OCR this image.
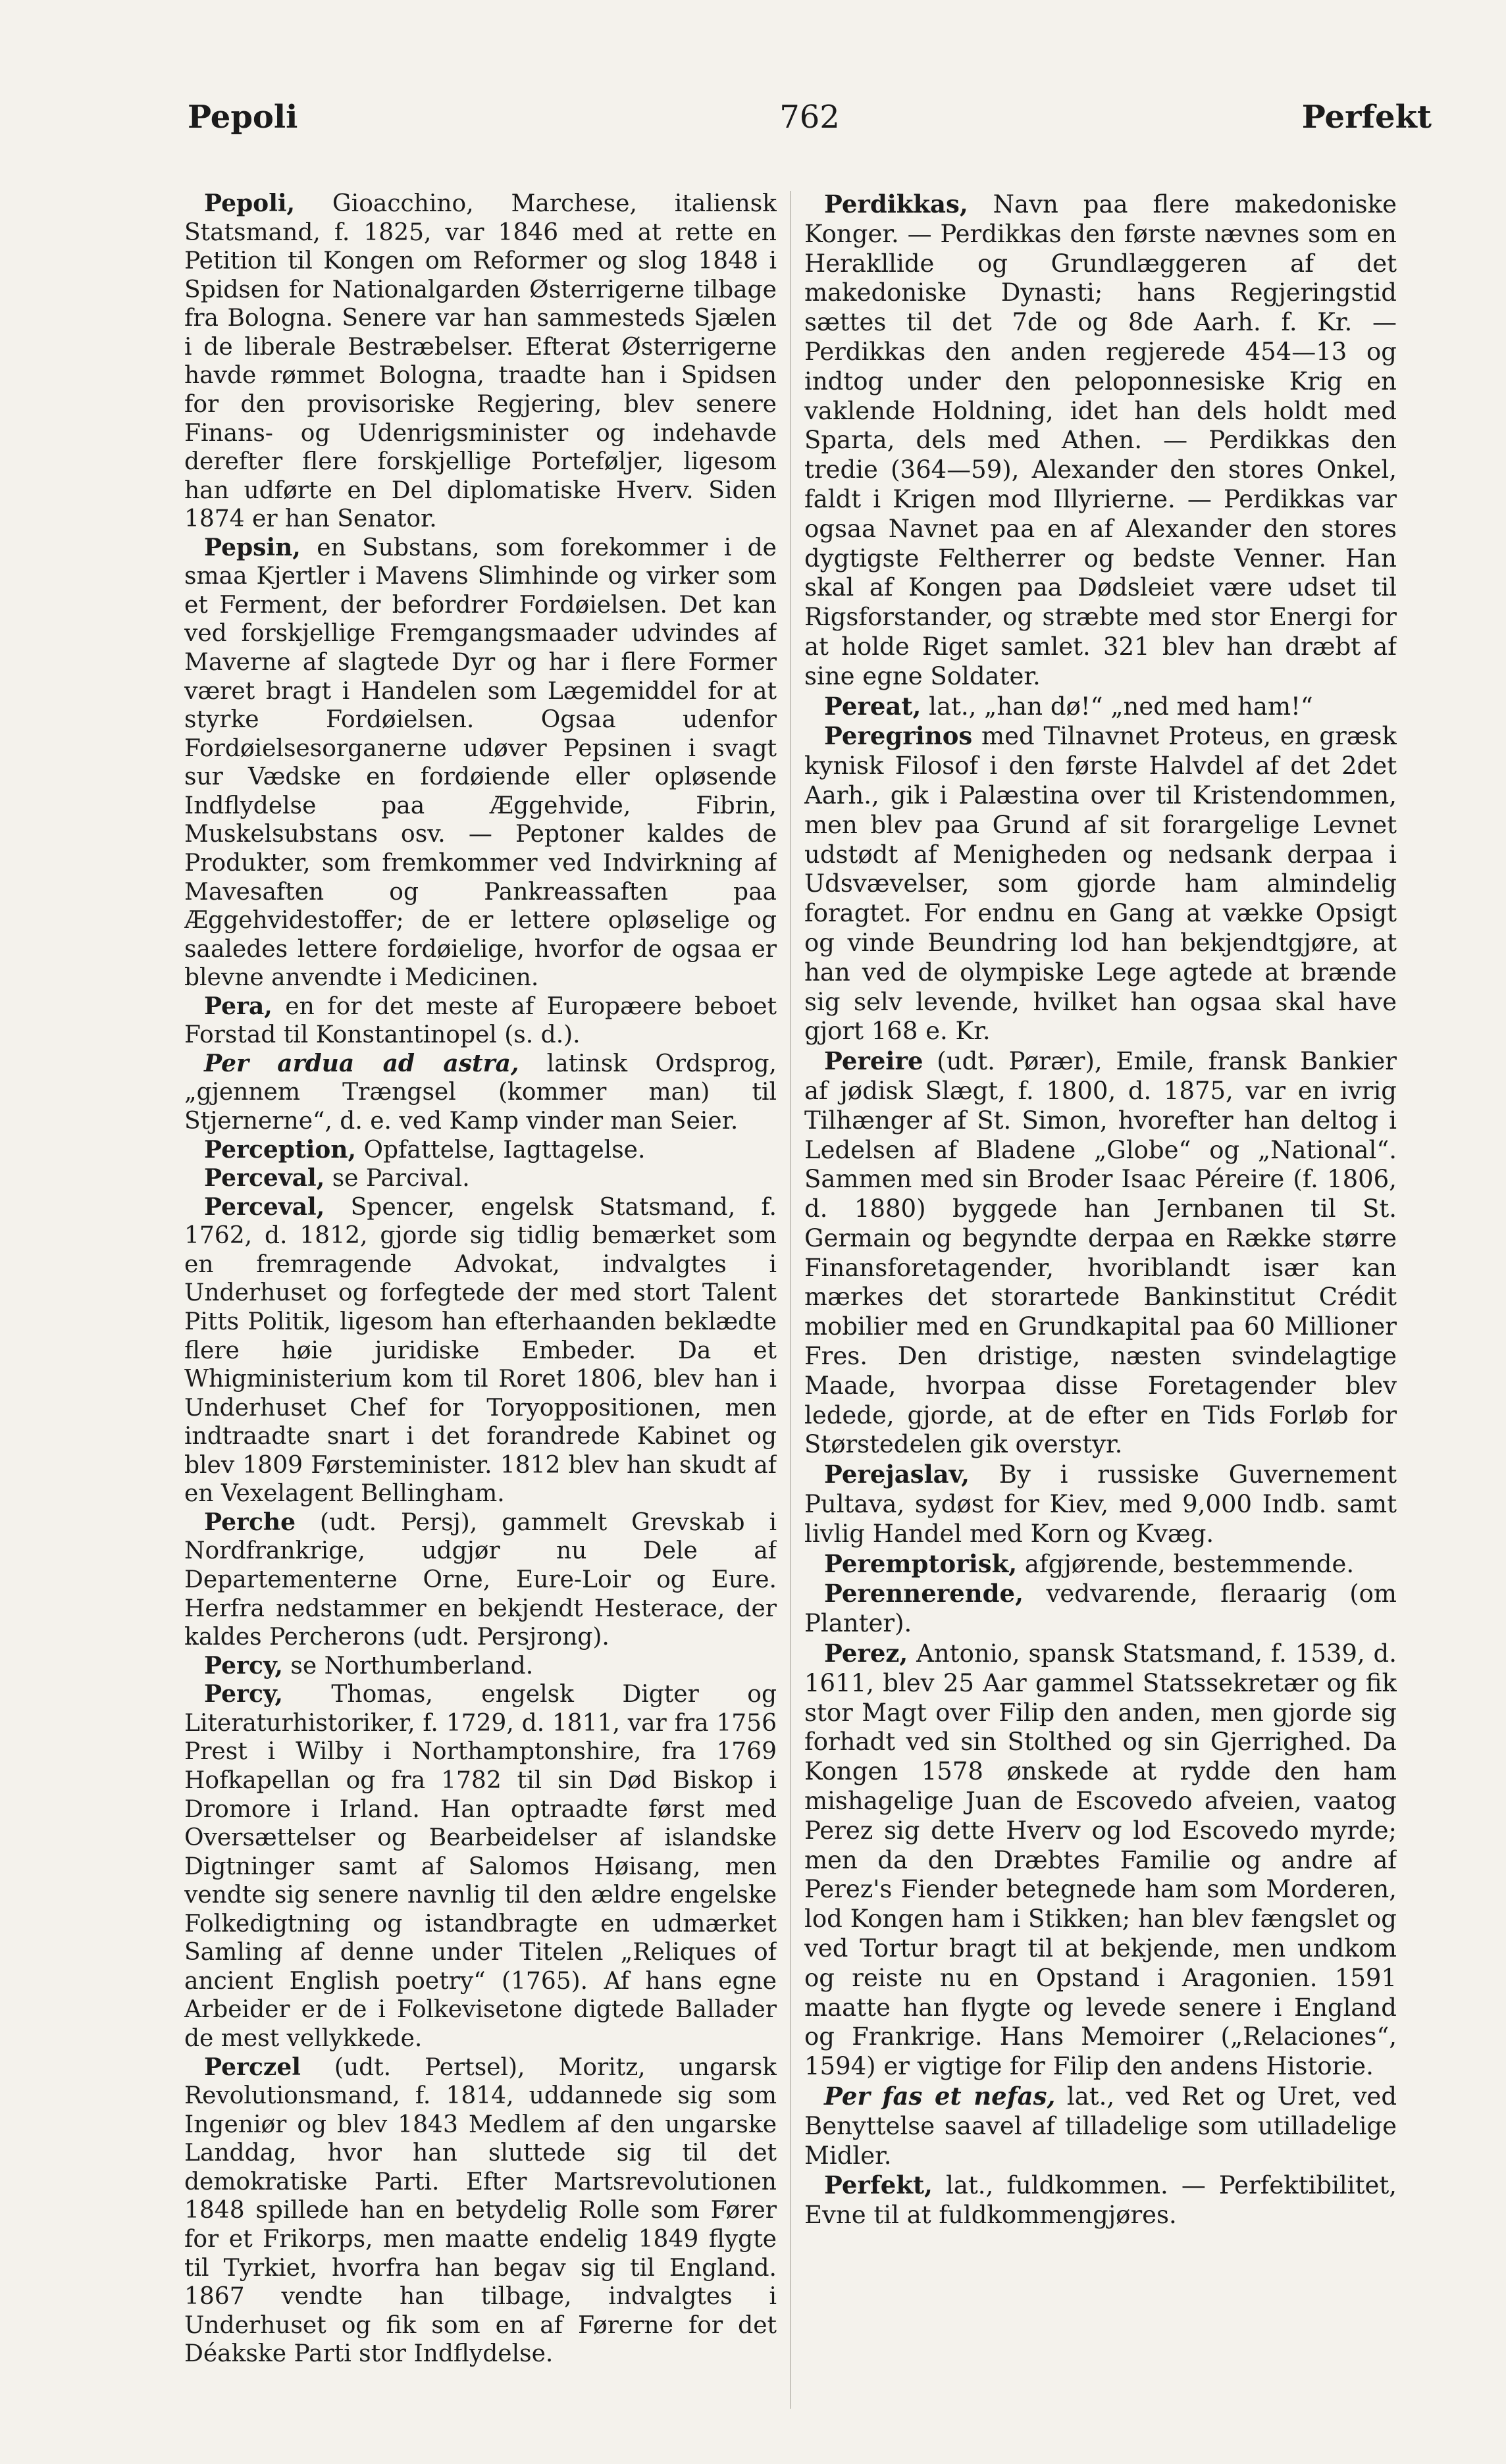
Pepoli	762	Perfekt

Pepoli, Gioacchino, Marchese, italiensk Statsmand, f. 1825, var 1846 med at rette en Petition til Kongen om Reformer og slog 1848 i Spidsen for Nationalgarden Østerrigerne tilbage fra Bologna. Senere var han sammesteds Sjælen i de liberale Bestræbelser. Efterat Østerrigerne havde rømmet Bologna, traadte han i Spidsen for den provisoriske Regjering, blev senere Finans- og Udenrigsminister og indehavde derefter flere forskjellige Porteføljer, ligesom han udførte en Del diplomatiske Hverv. Siden 1874 er han Senator.

Pepsin, en Substans, som forekommer i de smaa Kjertler i Mavens Slimhinde og virker som et Ferment, der befordrer Fordøielsen. Det kan ved forskjellige Fremgangsmaader udvindes af Maverne af slagtede Dyr og har i flere Former været bragt i Handelen som Lægemiddel for at styrke Fordøielsen. Ogsaa udenfor Fordøielsesorganerne udøver Pepsinen i svagt sur Vædske en fordøiende eller opløsende Indflydelse paa Æggehvide, Fibrin, Muskelsubstans osv. — Peptoner kaldes de Produkter, som fremkommer ved Indvirkning af Mavesaften og Pankreassaften paa Æggehvidestoffer; de er lettere opløselige og saaledes lettere fordøielige, hvorfor de ogsaa er blevne anvendte i Medicinen.

Pera, en for det meste af Europæere beboet Forstad til Konstantinopel (s. d.).

Per ardua ad astra, latinsk Ordsprog, „gjennem Trængsel (kommer man) til Stjernerne“, d. e. ved Kamp vinder man Seier.

Perception, Opfattelse, Iagttagelse.

Perceval, se Parcival.

Perceval, Spencer, engelsk Statsmand, f. 1762, d. 1812, gjorde sig tidlig bemærket som en fremragende Advokat, indvalgtes i Underhuset og forfegtede der med stort Talent Pitts Politik, ligesom han efterhaanden beklædte flere høie juridiske Embeder. Da et Whigministerium kom til Roret 1806, blev han i Underhuset Chef for Toryoppositionen, men indtraadte snart i det forandrede Kabinet og blev 1809 Førsteminister. 1812 blev han skudt af en Vexelagent Bellingham.

Perche (udt. Persj), gammelt Grevskab i Nordfrankrige, udgjør nu Dele af Departementerne Orne, Eure-Loir og Eure. Herfra nedstammer en bekjendt Hesterace, der kaldes Percherons (udt. Persjrong).

Percy, se Northumberland.

Percy, Thomas, engelsk Digter og Literaturhistoriker, f. 1729, d. 1811, var fra 1756 Prest i Wilby i Northamptonshire, fra 1769 Hofkapellan og fra 1782 til sin Død Biskop i Dromore i Irland. Han optraadte først med Oversættelser og Bearbeidelser af islandske Digtninger samt af Salomos Høisang, men vendte sig senere navnlig til den ældre engelske Folkedigtning og istandbragte en udmærket Samling af denne under Titelen „Reliques of ancient English poetry“ (1765). Af hans egne Arbeider er de i Folkevisetone digtede Ballader de mest vellykkede.

Perczel (udt. Pertsel), Moritz, ungarsk Revolutionsmand, f. 1814, uddannede sig som Ingeniør og blev 1843 Medlem af den ungarske Landdag, hvor han sluttede sig til det demokratiske Parti. Efter Martsrevolutionen 1848 spillede han en betydelig Rolle som Fører for et Frikorps, men maatte endelig 1849 flygte til Tyrkiet, hvorfra han begav sig til England. 1867 vendte han tilbage, indvalgtes i Underhuset og fik som en af Førerne for det Déakske Parti stor Indflydelse.

Perdikkas, Navn paa flere makedoniske Konger. — Perdikkas den første nævnes som en Herakllide og Grundlæggeren af det makedoniske Dynasti; hans Regjeringstid sættes til det 7de og 8de Aarh. f. Kr. — Perdikkas den anden regjerede 454—13 og indtog under den peloponnesiske Krig en vaklende Holdning, idet han dels holdt med Sparta, dels med Athen. — Perdikkas den tredie (364—59), Alexander den stores Onkel, faldt i Krigen mod Illyrierne. — Perdikkas var ogsaa Navnet paa en af Alexander den stores dygtigste Feltherrer og bedste Venner. Han skal af Kongen paa Dødsleiet være udset til Rigsforstander, og stræbte med stor Energi for at holde Riget samlet. 321 blev han dræbt af sine egne Soldater.

Pereat, lat., „han dø!“ „ned med ham!“

Peregrinos med Tilnavnet Proteus, en græsk kynisk Filosof i den første Halvdel af det 2det Aarh., gik i Palæstina over til Kristendommen, men blev paa Grund af sit forargelige Levnet udstødt af Menigheden og nedsank derpaa i Udsvævelser, som gjorde ham almindelig foragtet. For endnu en Gang at vække Opsigt og vinde Beundring lod han bekjendtgjøre, at han ved de olympiske Lege agtede at brænde sig selv levende, hvilket han ogsaa skal have gjort 168 e. Kr.

Pereire (udt. Pørær), Emile, fransk Bankier af jødisk Slægt, f. 1800, d. 1875, var en ivrig Tilhænger af St. Simon, hvorefter han deltog i Ledelsen af Bladene „Globe“ og „National“. Sammen med sin Broder Isaac Péreire (f. 1806, d. 1880) byggede han Jernbanen til St. Germain og begyndte derpaa en Række større Finansforetagender, hvoriblandt især kan mærkes det storartede Bankinstitut Crédit mobilier med en Grundkapital paa 60 Millioner Fres. Den dristige, næsten svindelagtige Maade, hvorpaa disse Foretagender blev ledede, gjorde, at de efter en Tids Forløb for Størstedelen gik overstyr.

Perejaslav, By i russiske Guvernement Pultava, sydøst for Kiev, med 9,000 Indb. samt livlig Handel med Korn og Kvæg.

Peremptorisk, afgjørende, bestemmende.

Perennerende, vedvarende, fleraarig (om Planter).

Perez, Antonio, spansk Statsmand, f. 1539, d. 1611, blev 25 Aar gammel Statssekretær og fik stor Magt over Filip den anden, men gjorde sig forhadt ved sin Stolthed og sin Gjerrighed. Da Kongen 1578 ønskede at rydde den ham mishagelige Juan de Escovedo afveien, vaatog Perez sig dette Hverv og lod Escovedo myrde; men da den Dræbtes Familie og andre af Perez's Fiender betegnede ham som Morderen, lod Kongen ham i Stikken; han blev fængslet og ved Tortur bragt til at bekjende, men undkom og reiste nu en Opstand i Aragonien. 1591 maatte han flygte og levede senere i England og Frankrige. Hans Memoirer („Relaciones“, 1594) er vigtige for Filip den andens Historie.

Per fas et nefas, lat., ved Ret og Uret, ved Benyttelse saavel af tilladelige som utilladelige Midler.

Perfekt, lat., fuldkommen. — Perfektibilitet, Evne til at fuldkommengjøres.
